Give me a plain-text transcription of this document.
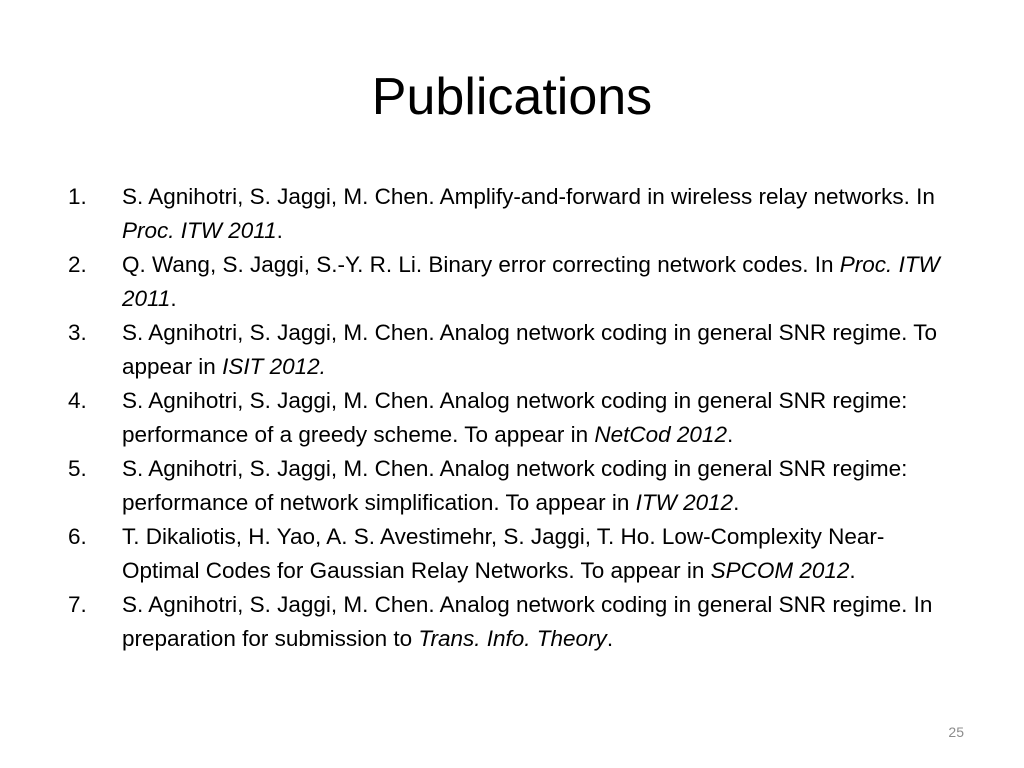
Publications
1. S. Agnihotri, S. Jaggi, M. Chen. Amplify-and-forward in wireless relay networks. In Proc. ITW 2011.
2. Q. Wang, S. Jaggi, S.-Y. R. Li. Binary error correcting network codes. In Proc. ITW 2011.
3. S. Agnihotri, S. Jaggi, M. Chen. Analog network coding in general SNR regime. To appear in ISIT 2012.
4. S. Agnihotri, S. Jaggi, M. Chen. Analog network coding in general SNR regime: performance of a greedy scheme. To appear in NetCod 2012.
5. S. Agnihotri, S. Jaggi, M. Chen. Analog network coding in general SNR regime: performance of network simplification. To appear in ITW 2012.
6. T. Dikaliotis, H. Yao, A. S. Avestimehr, S. Jaggi, T. Ho. Low-Complexity Near-Optimal Codes for Gaussian Relay Networks. To appear in SPCOM 2012.
7. S. Agnihotri, S. Jaggi, M. Chen. Analog network coding in general SNR regime. In preparation for submission to Trans. Info. Theory.
25
